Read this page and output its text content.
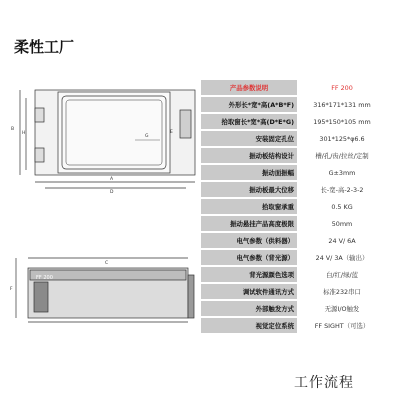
柔性工厂
B
H
A
D
E
G
F
C
FF 200
产品参数说明	FF 200
外形长*宽*高(A*B*F)	316*171*131 mm
拾取窗长*宽*高(D*E*G)	195*150*105 mm
安装固定孔位	301*125*φ6.6
振动板结构设计	槽/孔/齿/拉丝/定制
振动面振幅	G±3mm
振动板最大位移	长-宽-高-2-3-2
拾取窗承重	0.5 KG
振动悬挂产品高度极限	50mm
电气参数（供料器）	24 V/ 6A
电气参数（背光源）	24 V/ 3A（输出）
背光源颜色选项	白/红/绿/蓝
调试软件通讯方式	标准232串口
外部触发方式	无源I/O触发
视觉定位系统	FF SIGHT（可选）
工作流程
